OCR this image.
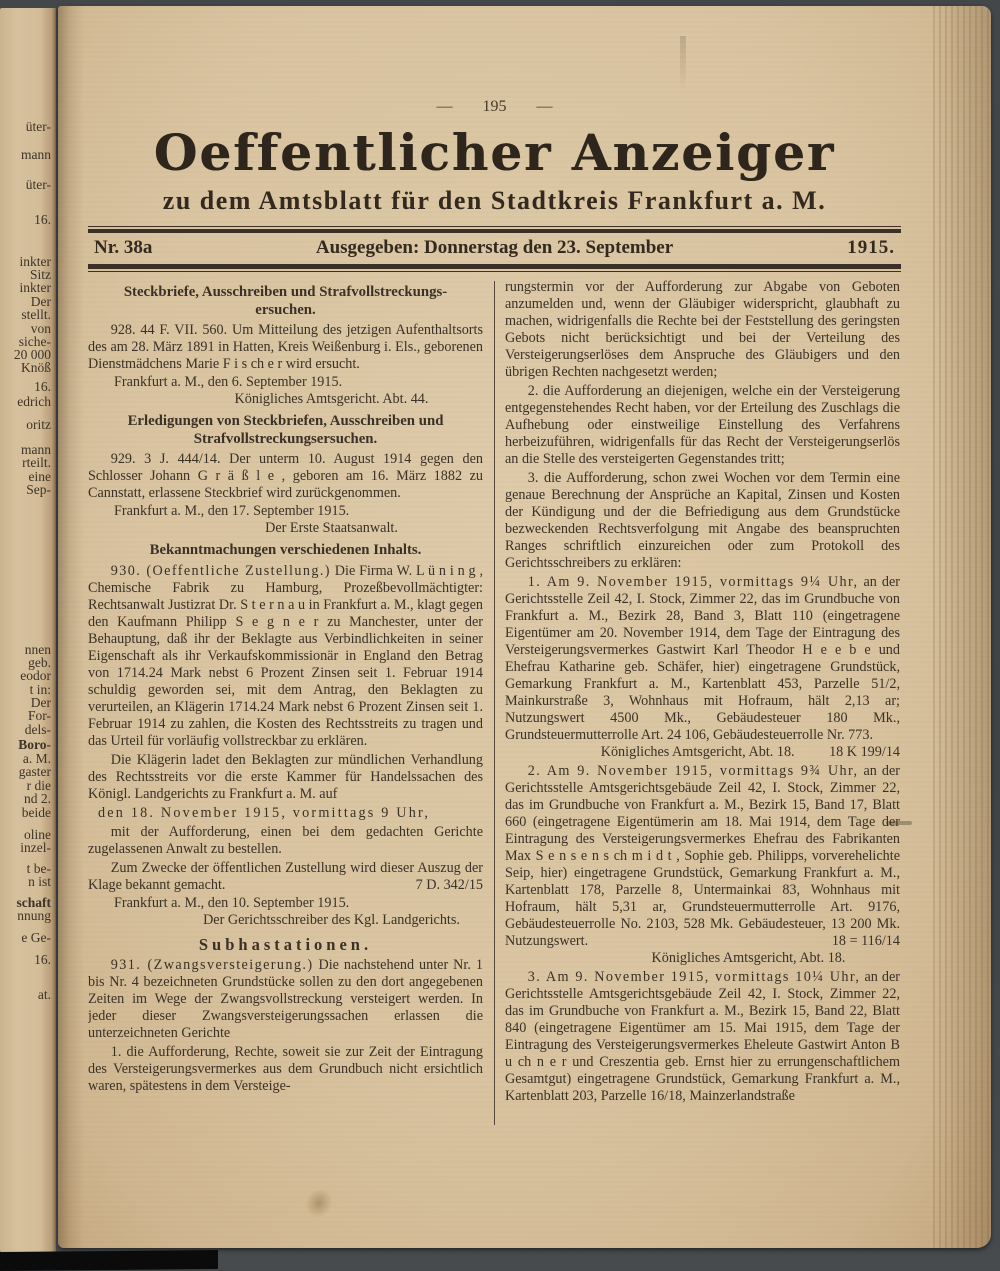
üter-
mann
üter-
16.
inkter
Sitz
inkter
Der
stellt.
von
siche-
20 000
Knöß
16.
edrich
oritz
mann
rteilt.
eine
Sep-
nnen
geb.
eodor
t in:
Der
For-
dels-
Boro-
a. M.
gaster
r die
nd 2.
beide
oline
inzel-
t be-
n ist
schaft
nnung
e Ge-
16.
at.
— 195 —
Oeffentlicher Anzeiger
zu dem Amtsblatt für den Stadtkreis Frankfurt a. M.
Nr. 38a	Ausgegeben: Donnerstag den 23. September	1915.
Steckbriefe, Ausschreiben und Strafvollstreckungs-
ersuchen.
928. 44 F. VII. 560. Um Mitteilung des jetzigen Aufenthaltsorts des am 28. März 1891 in Hatten, Kreis Weißenburg i. Els., geborenen Dienstmädchens Marie F i s ch e r wird ersucht.
Frankfurt a. M., den 6. September 1915.
Königliches Amtsgericht. Abt. 44.
Erledigungen von Steckbriefen, Ausschreiben und
Strafvollstreckungsersuchen.
929. 3 J. 444/14. Der unterm 10. August 1914 gegen den Schlosser Johann G r ä ß l e , geboren am 16. März 1882 zu Cannstatt, erlassene Steckbrief wird zurückgenommen.
Frankfurt a. M., den 17. September 1915.
Der Erste Staatsanwalt.
Bekanntmachungen verschiedenen Inhalts.
930. (Oeffentliche Zustellung.) Die Firma W. L ü n i n g , Chemische Fabrik zu Hamburg, Prozeßbevollmächtigter: Rechtsanwalt Justizrat Dr. S t e r n a u in Frankfurt a. M., klagt gegen den Kaufmann Philipp S e g n e r zu Manchester, unter der Behauptung, daß ihr der Beklagte aus Verbindlichkeiten in seiner Eigenschaft als ihr Verkaufskommissionär in England den Betrag von 1714.24 Mark nebst 6 Prozent Zinsen seit 1. Februar 1914 schuldig geworden sei, mit dem Antrag, den Beklagten zu verurteilen, an Klägerin 1714.24 Mark nebst 6 Prozent Zinsen seit 1. Februar 1914 zu zahlen, die Kosten des Rechtsstreits zu tragen und das Urteil für vorläufig vollstreckbar zu erklären.
Die Klägerin ladet den Beklagten zur mündlichen Verhandlung des Rechtsstreits vor die erste Kammer für Handelssachen des Königl. Landgerichts zu Frankfurt a. M. auf
den 18. November 1915, vormittags 9 Uhr,
mit der Aufforderung, einen bei dem gedachten Gerichte zugelassenen Anwalt zu bestellen.
Zum Zwecke der öffentlichen Zustellung wird dieser Auszug der Klage bekannt gemacht.	7 D. 342/15
Frankfurt a. M., den 10. September 1915.
Der Gerichtsschreiber des Kgl. Landgerichts.
Subhastationen.
931. (Zwangsversteigerung.) Die nachstehend unter Nr. 1 bis Nr. 4 bezeichneten Grundstücke sollen zu den dort angegebenen Zeiten im Wege der Zwangsvollstreckung versteigert werden. In jeder dieser Zwangsversteigerungssachen erlassen die unterzeichneten Gerichte
1. die Aufforderung, Rechte, soweit sie zur Zeit der Eintragung des Versteigerungsvermerkes aus dem Grundbuch nicht ersichtlich waren, spätestens in dem Versteige-
rungstermin vor der Aufforderung zur Abgabe von Geboten anzumelden und, wenn der Gläubiger widerspricht, glaubhaft zu machen, widrigenfalls die Rechte bei der Feststellung des geringsten Gebots nicht berücksichtigt und bei der Verteilung des Versteigerungserlöses dem Anspruche des Gläubigers und den übrigen Rechten nachgesetzt werden;
2. die Aufforderung an diejenigen, welche ein der Versteigerung entgegenstehendes Recht haben, vor der Erteilung des Zuschlags die Aufhebung oder einstweilige Einstellung des Verfahrens herbeizuführen, widrigenfalls für das Recht der Versteigerungserlös an die Stelle des versteigerten Gegenstandes tritt;
3. die Aufforderung, schon zwei Wochen vor dem Termin eine genaue Berechnung der Ansprüche an Kapital, Zinsen und Kosten der Kündigung und der die Befriedigung aus dem Grundstücke bezweckenden Rechtsverfolgung mit Angabe des beanspruchten Ranges schriftlich einzureichen oder zum Protokoll des Gerichtsschreibers zu erklären:
1. Am 9. November 1915, vormittags 9¼ Uhr, an der Gerichtsstelle Zeil 42, I. Stock, Zimmer 22, das im Grundbuche von Frankfurt a. M., Bezirk 28, Band 3, Blatt 110 (eingetragene Eigentümer am 20. November 1914, dem Tage der Eintragung des Versteigerungsvermerkes Gastwirt Karl Theodor H e e b e und Ehefrau Katharine geb. Schäfer, hier) eingetragene Grundstück, Gemarkung Frankfurt a. M., Kartenblatt 453, Parzelle 51/2, Mainkurstraße 3, Wohnhaus mit Hofraum, hält 2,13 ar; Nutzungswert 4500 Mk., Gebäudesteuer 180 Mk., Grundsteuermutterrolle Art. 24 106, Gebäudesteuerrolle Nr. 773.
18 K 199/14
Königliches Amtsgericht, Abt. 18.
2. Am 9. November 1915, vormittags 9¾ Uhr, an der Gerichtsstelle Amtsgerichtsgebäude Zeil 42, I. Stock, Zimmer 22, das im Grundbuche von Frankfurt a. M., Bezirk 15, Band 17, Blatt 660 (eingetragene Eigentümerin am 18. Mai 1914, dem Tage der Eintragung des Versteigerungsvermerkes Ehefrau des Fabrikanten Max S e n s e n s ch m i d t , Sophie geb. Philipps, vorverehelichte Seip, hier) eingetragene Grundstück, Gemarkung Frankfurt a. M., Kartenblatt 178, Parzelle 8, Untermainkai 83, Wohnhaus mit Hofraum, hält 5,31 ar, Grundsteuermutterrolle Art. 9176, Gebäudesteuerrolle No. 2103, 528 Mk. Gebäudesteuer, 13 200 Mk. Nutzungswert.	18 = 116/14
Königliches Amtsgericht, Abt. 18.
3. Am 9. November 1915, vormittags 10¼ Uhr, an der Gerichtsstelle Amtsgerichtsgebäude Zeil 42, I. Stock, Zimmer 22, das im Grundbuche von Frankfurt a. M., Bezirk 15, Band 22, Blatt 840 (eingetragene Eigentümer am 15. Mai 1915, dem Tage der Eintragung des Versteigerungsvermerkes Eheleute Gastwirt Anton B u ch n e r und Creszentia geb. Ernst hier zu errungenschaftlichem Gesamtgut) eingetragene Grundstück, Gemarkung Frankfurt a. M., Kartenblatt 203, Parzelle 16/18, Mainzerlandstraße
